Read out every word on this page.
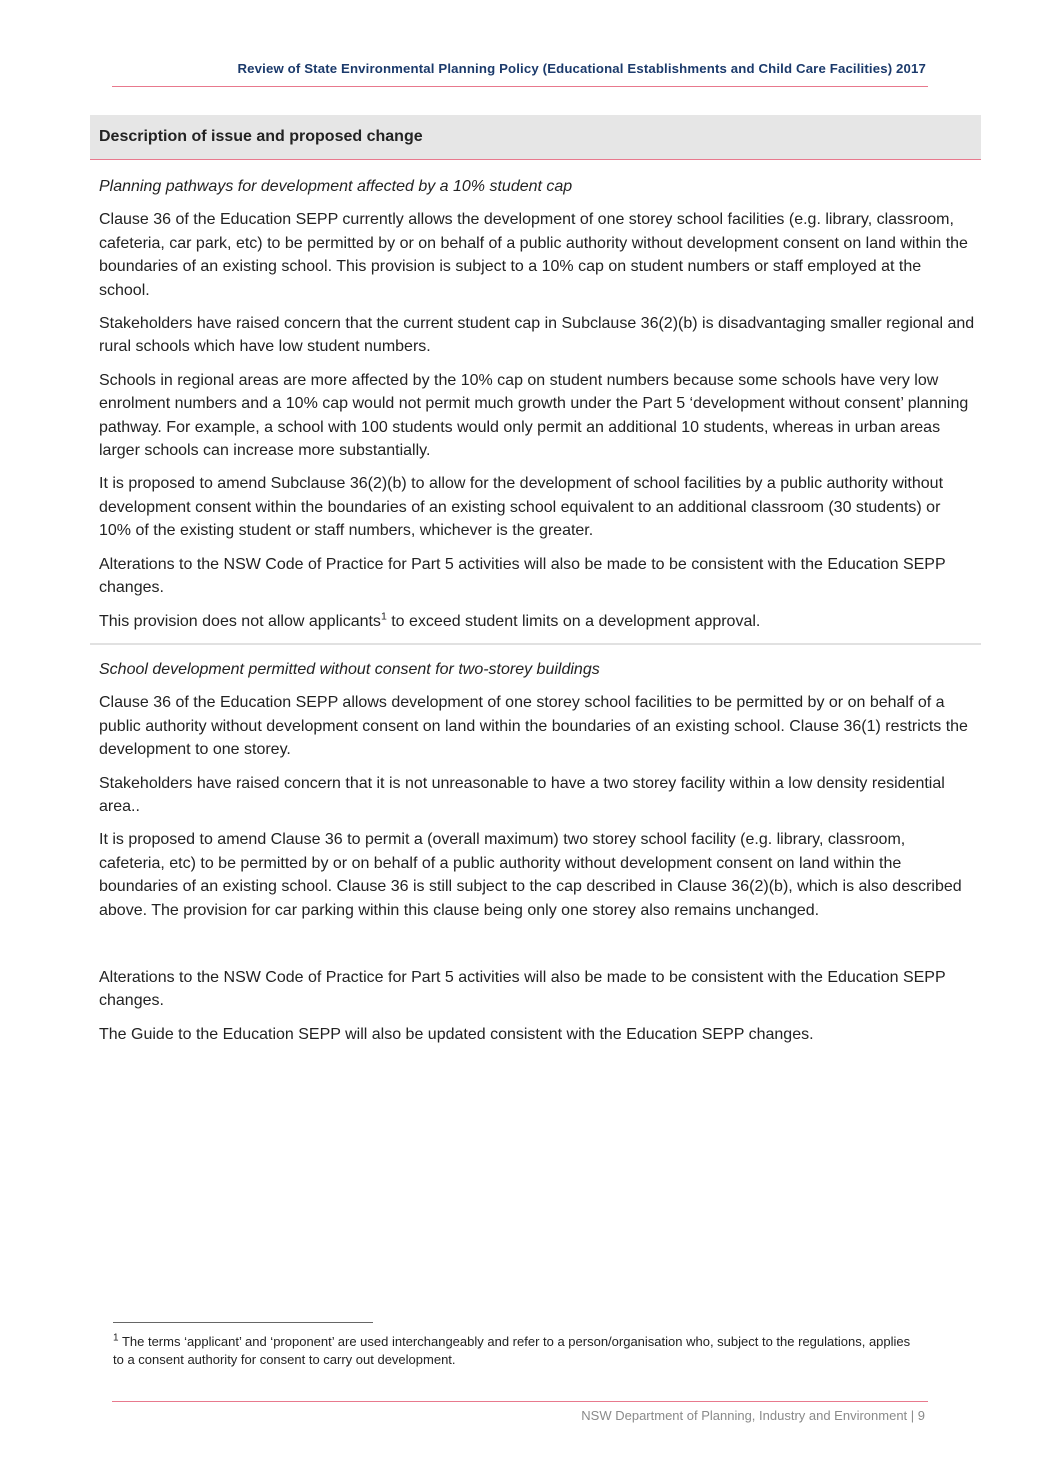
Review of State Environmental Planning Policy (Educational Establishments and Child Care Facilities) 2017
Description of issue and proposed change

Planning pathways for development affected by a 10% student cap

Clause 36 of the Education SEPP currently allows the development of one storey school facilities (e.g. library, classroom, cafeteria, car park, etc) to be permitted by or on behalf of a public authority without development consent on land within the boundaries of an existing school. This provision is subject to a 10% cap on student numbers or staff employed at the school.

Stakeholders have raised concern that the current student cap in Subclause 36(2)(b) is disadvantaging smaller regional and rural schools which have low student numbers.

Schools in regional areas are more affected by the 10% cap on student numbers because some schools have very low enrolment numbers and a 10% cap would not permit much growth under the Part 5 ‘development without consent’ planning pathway. For example, a school with 100 students would only permit an additional 10 students, whereas in urban areas larger schools can increase more substantially.

It is proposed to amend Subclause 36(2)(b) to allow for the development of school facilities by a public authority without development consent within the boundaries of an existing school equivalent to an additional classroom (30 students) or 10% of the existing student or staff numbers, whichever is the greater.

Alterations to the NSW Code of Practice for Part 5 activities will also be made to be consistent with the Education SEPP changes.

This provision does not allow applicants$^1$ to exceed student limits on a development approval.

School development permitted without consent for two-storey buildings

Clause 36 of the Education SEPP allows development of one storey school facilities to be permitted by or on behalf of a public authority without development consent on land within the boundaries of an existing school. Clause 36(1) restricts the development to one storey.

Stakeholders have raised concern that it is not unreasonable to have a two storey facility within a low density residential area..

It is proposed to amend Clause 36 to permit a (overall maximum) two storey school facility (e.g. library, classroom, cafeteria, etc) to be permitted by or on behalf of a public authority without development consent on land within the boundaries of an existing school. Clause 36 is still subject to the cap described in Clause 36(2)(b), which is also described above. The provision for car parking within this clause being only one storey also remains unchanged.

Alterations to the NSW Code of Practice for Part 5 activities will also be made to be consistent with the Education SEPP changes.

The Guide to the Education SEPP will also be updated consistent with the Education SEPP changes.

$^1$ The terms ‘applicant’ and ‘proponent’ are used interchangeably and refer to a person/organisation who, subject to the regulations, applies to a consent authority for consent to carry out development.
NSW Department of Planning, Industry and Environment | 9
